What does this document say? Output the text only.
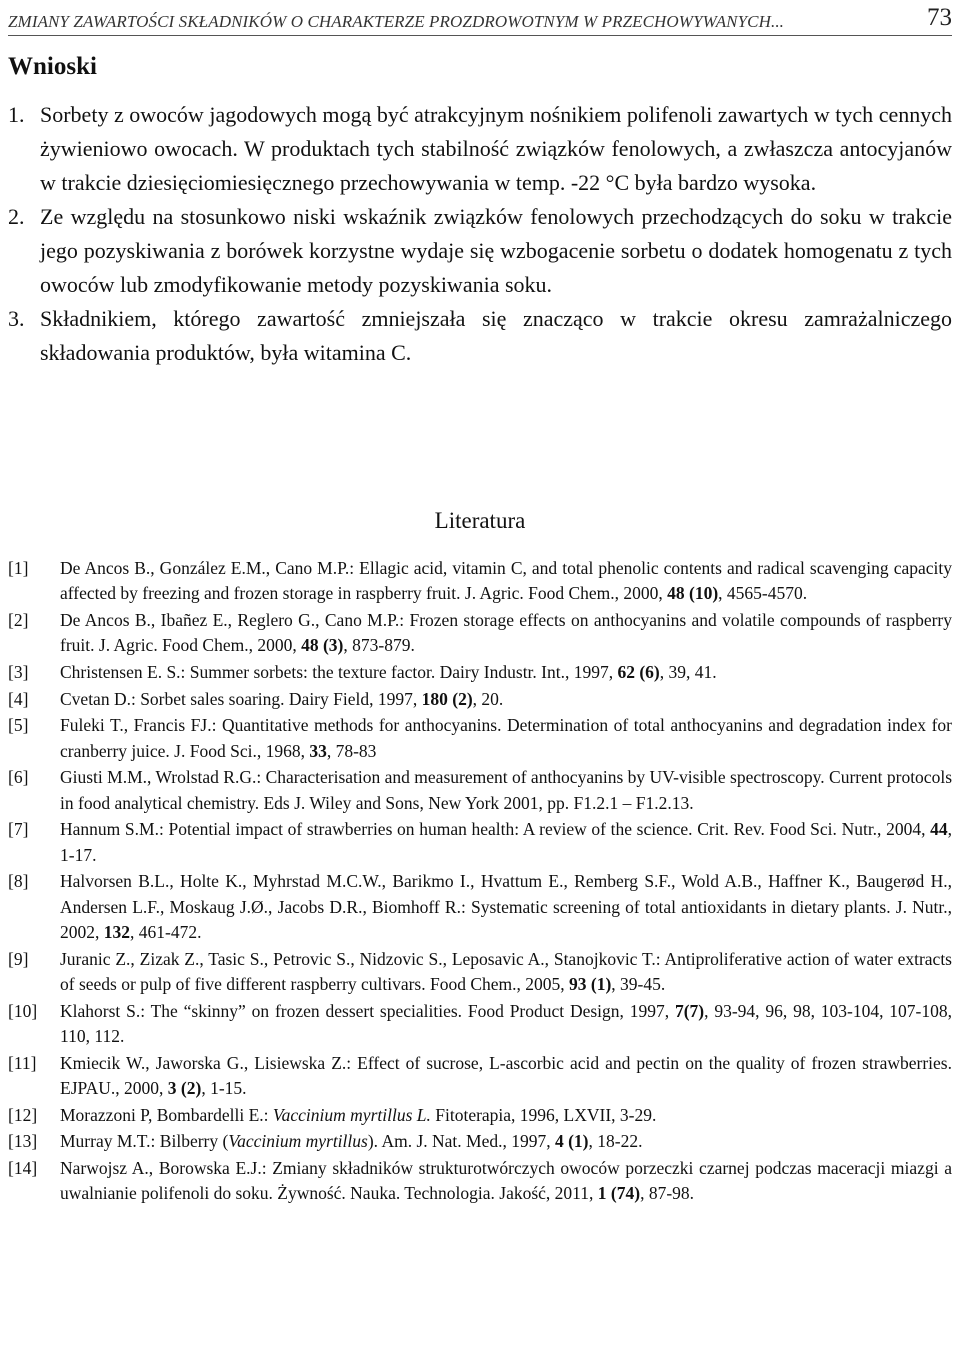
ZMIANY ZAWARTOŚCI SKŁADNIKÓW O CHARAKTERZE PROZDROWOTNYM W PRZECHOWYWANYCH...	73
Wnioski
1. Sorbety z owoców jagodowych mogą być atrakcyjnym nośnikiem polifenoli zawartych w tych cennych żywieniowo owocach. W produktach tych stabilność związków fenolowych, a zwłaszcza antocyjanów w trakcie dziesięciomiesięcznego przechowywania w temp. -22 °C była bardzo wysoka.
2. Ze względu na stosunkowo niski wskaźnik związków fenolowych przechodzących do soku w trakcie jego pozyskiwania z borówek korzystne wydaje się wzbogacenie sorbetu o dodatek homogenatu z tych owoców lub zmodyfikowanie metody pozyskiwania soku.
3. Składnikiem, którego zawartość zmniejszała się znacząco w trakcie okresu zamrażalniczego składowania produktów, była witamina C.
Literatura
[1]	De Ancos B., González E.M., Cano M.P.: Ellagic acid, vitamin C, and total phenolic contents and radical scavenging capacity affected by freezing and frozen storage in raspberry fruit. J. Agric. Food Chem., 2000, 48 (10), 4565-4570.
[2]	De Ancos B., Ibañez E., Reglero G., Cano M.P.: Frozen storage effects on anthocyanins and volatile compounds of raspberry fruit. J. Agric. Food Chem., 2000, 48 (3), 873-879.
[3]	Christensen E. S.: Summer sorbets: the texture factor. Dairy Industr. Int., 1997, 62 (6), 39, 41.
[4]	Cvetan D.: Sorbet sales soaring. Dairy Field, 1997, 180 (2), 20.
[5]	Fuleki T., Francis FJ.: Quantitative methods for anthocyanins. Determination of total anthocyanins and degradation index for cranberry juice. J. Food Sci., 1968, 33, 78-83
[6]	Giusti M.M., Wrolstad R.G.: Characterisation and measurement of anthocyanins by UV-visible spectroscopy. Current protocols in food analytical chemistry. Eds J. Wiley and Sons, New York 2001, pp. F1.2.1 – F1.2.13.
[7]	Hannum S.M.: Potential impact of strawberries on human health: A review of the science. Crit. Rev. Food Sci. Nutr., 2004, 44, 1-17.
[8]	Halvorsen B.L., Holte K., Myhrstad M.C.W., Barikmo I., Hvattum E., Remberg S.F., Wold A.B., Haffner K., Baugerød H., Andersen L.F., Moskaug J.Ø., Jacobs D.R., Biomhoff R.: Systematic screening of total antioxidants in dietary plants. J. Nutr., 2002, 132, 461-472.
[9]	Juranic Z., Zizak Z., Tasic S., Petrovic S., Nidzovic S., Leposavic A., Stanojkovic T.: Antiproliferative action of water extracts of seeds or pulp of five different raspberry cultivars. Food Chem., 2005, 93 (1), 39-45.
[10]	Klahorst S.: The “skinny” on frozen dessert specialities. Food Product Design, 1997, 7(7), 93-94, 96, 98, 103-104, 107-108, 110, 112.
[11]	Kmiecik W., Jaworska G., Lisiewska Z.: Effect of sucrose, L-ascorbic acid and pectin on the quality of frozen strawberries. EJPAU., 2000, 3 (2), 1-15.
[12]	Morazzoni P, Bombardelli E.: Vaccinium myrtillus L. Fitoterapia, 1996, LXVII, 3-29.
[13]	Murray M.T.: Bilberry (Vaccinium myrtillus). Am. J. Nat. Med., 1997, 4 (1), 18-22.
[14]	Narwojsz A., Borowska E.J.: Zmiany składników strukturotwórczych owoców porzeczki czarnej podczas maceracji miazgi a uwalnianie polifenoli do soku. Żywność. Nauka. Technologia. Jakość, 2011, 1 (74), 87-98.
